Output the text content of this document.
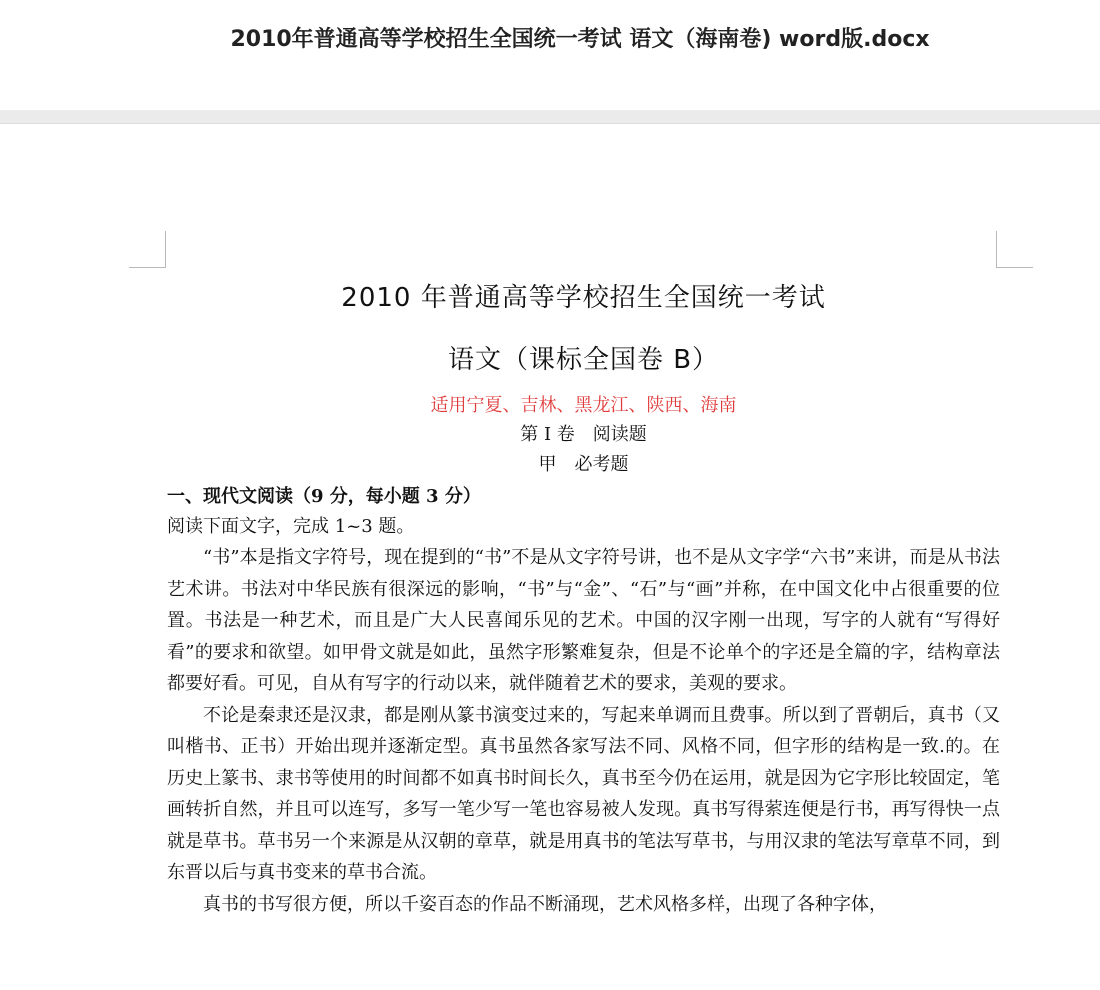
2010年普通高等学校招生全国统一考试 语文（海南卷) word版.docx
2010 年普通高等学校招生全国统一考试
语文（课标全国卷 B）
适用宁夏、吉林、黑龙江、陕西、海南
第 I 卷　阅读题
甲　必考题
一、现代文阅读（9 分，每小题 3 分）
阅读下面文字，完成 1~3 题。

“书”本是指文字符号，现在提到的“书”不是从文字符号讲，也不是从文字学“六书”来讲，而是从书法艺术讲。书法对中华民族有很深远的影响，“书”与“金”、“石”与“画”并称，在中国文化中占很重要的位置。书法是一种艺术，而且是广大人民喜闻乐见的艺术。中国的汉字刚一出现，写字的人就有“写得好看”的要求和欲望。如甲骨文就是如此，虽然字形繁难复杂，但是不论单个的字还是全篇的字，结构章法都要好看。可见，自从有写字的行动以来，就伴随着艺术的要求，美观的要求。

不论是秦隶还是汉隶，都是刚从篆书演变过来的，写起来单调而且费事。所以到了晋朝后，真书（又叫楷书、正书）开始出现并逐渐定型。真书虽然各家写法不同、风格不同，但字形的结构是一致.的。在历史上篆书、隶书等使用的时间都不如真书时间长久，真书至今仍在运用，就是因为它字形比较固定，笔画转折自然，并且可以连写，多写一笔少写一笔也容易被人发现。真书写得萦连便是行书，再写得快一点就是草书。草书另一个来源是从汉朝的章草，就是用真书的笔法写草书，与用汉隶的笔法写章草不同，到东晋以后与真书变来的草书合流。

真书的书写很方便，所以千姿百态的作品不断涌现，艺术风格多样，出现了各种字体，
